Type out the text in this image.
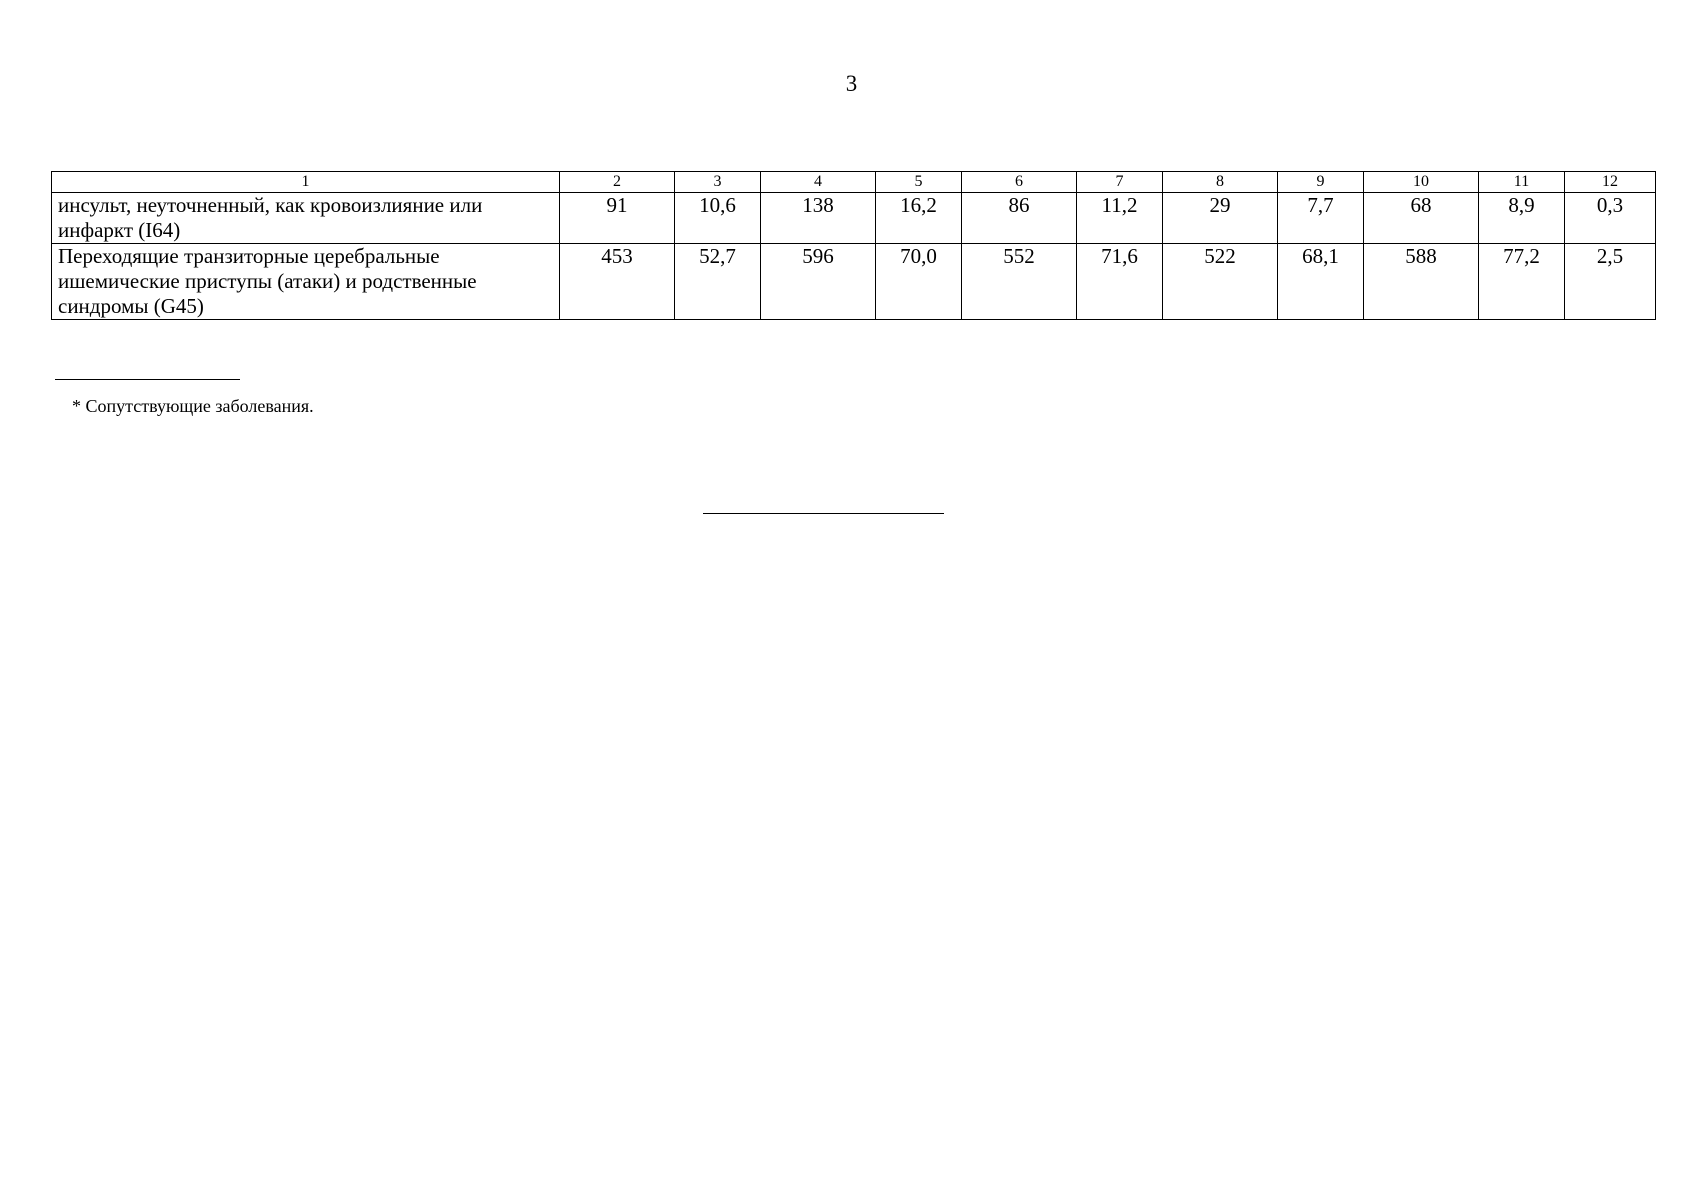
3
1	2	3	4	5	6	7	8	9	10	11	12
инсульт, неуточненный, как кровоизлияние или инфаркт (I64)	91	10,6	138	16,2	86	11,2	29	7,7	68	8,9	0,3
Переходящие транзиторные церебральные ишемические приступы (атаки) и родственные синдромы (G45)	453	52,7	596	70,0	552	71,6	522	68,1	588	77,2	2,5
* Сопутствующие заболевания.
